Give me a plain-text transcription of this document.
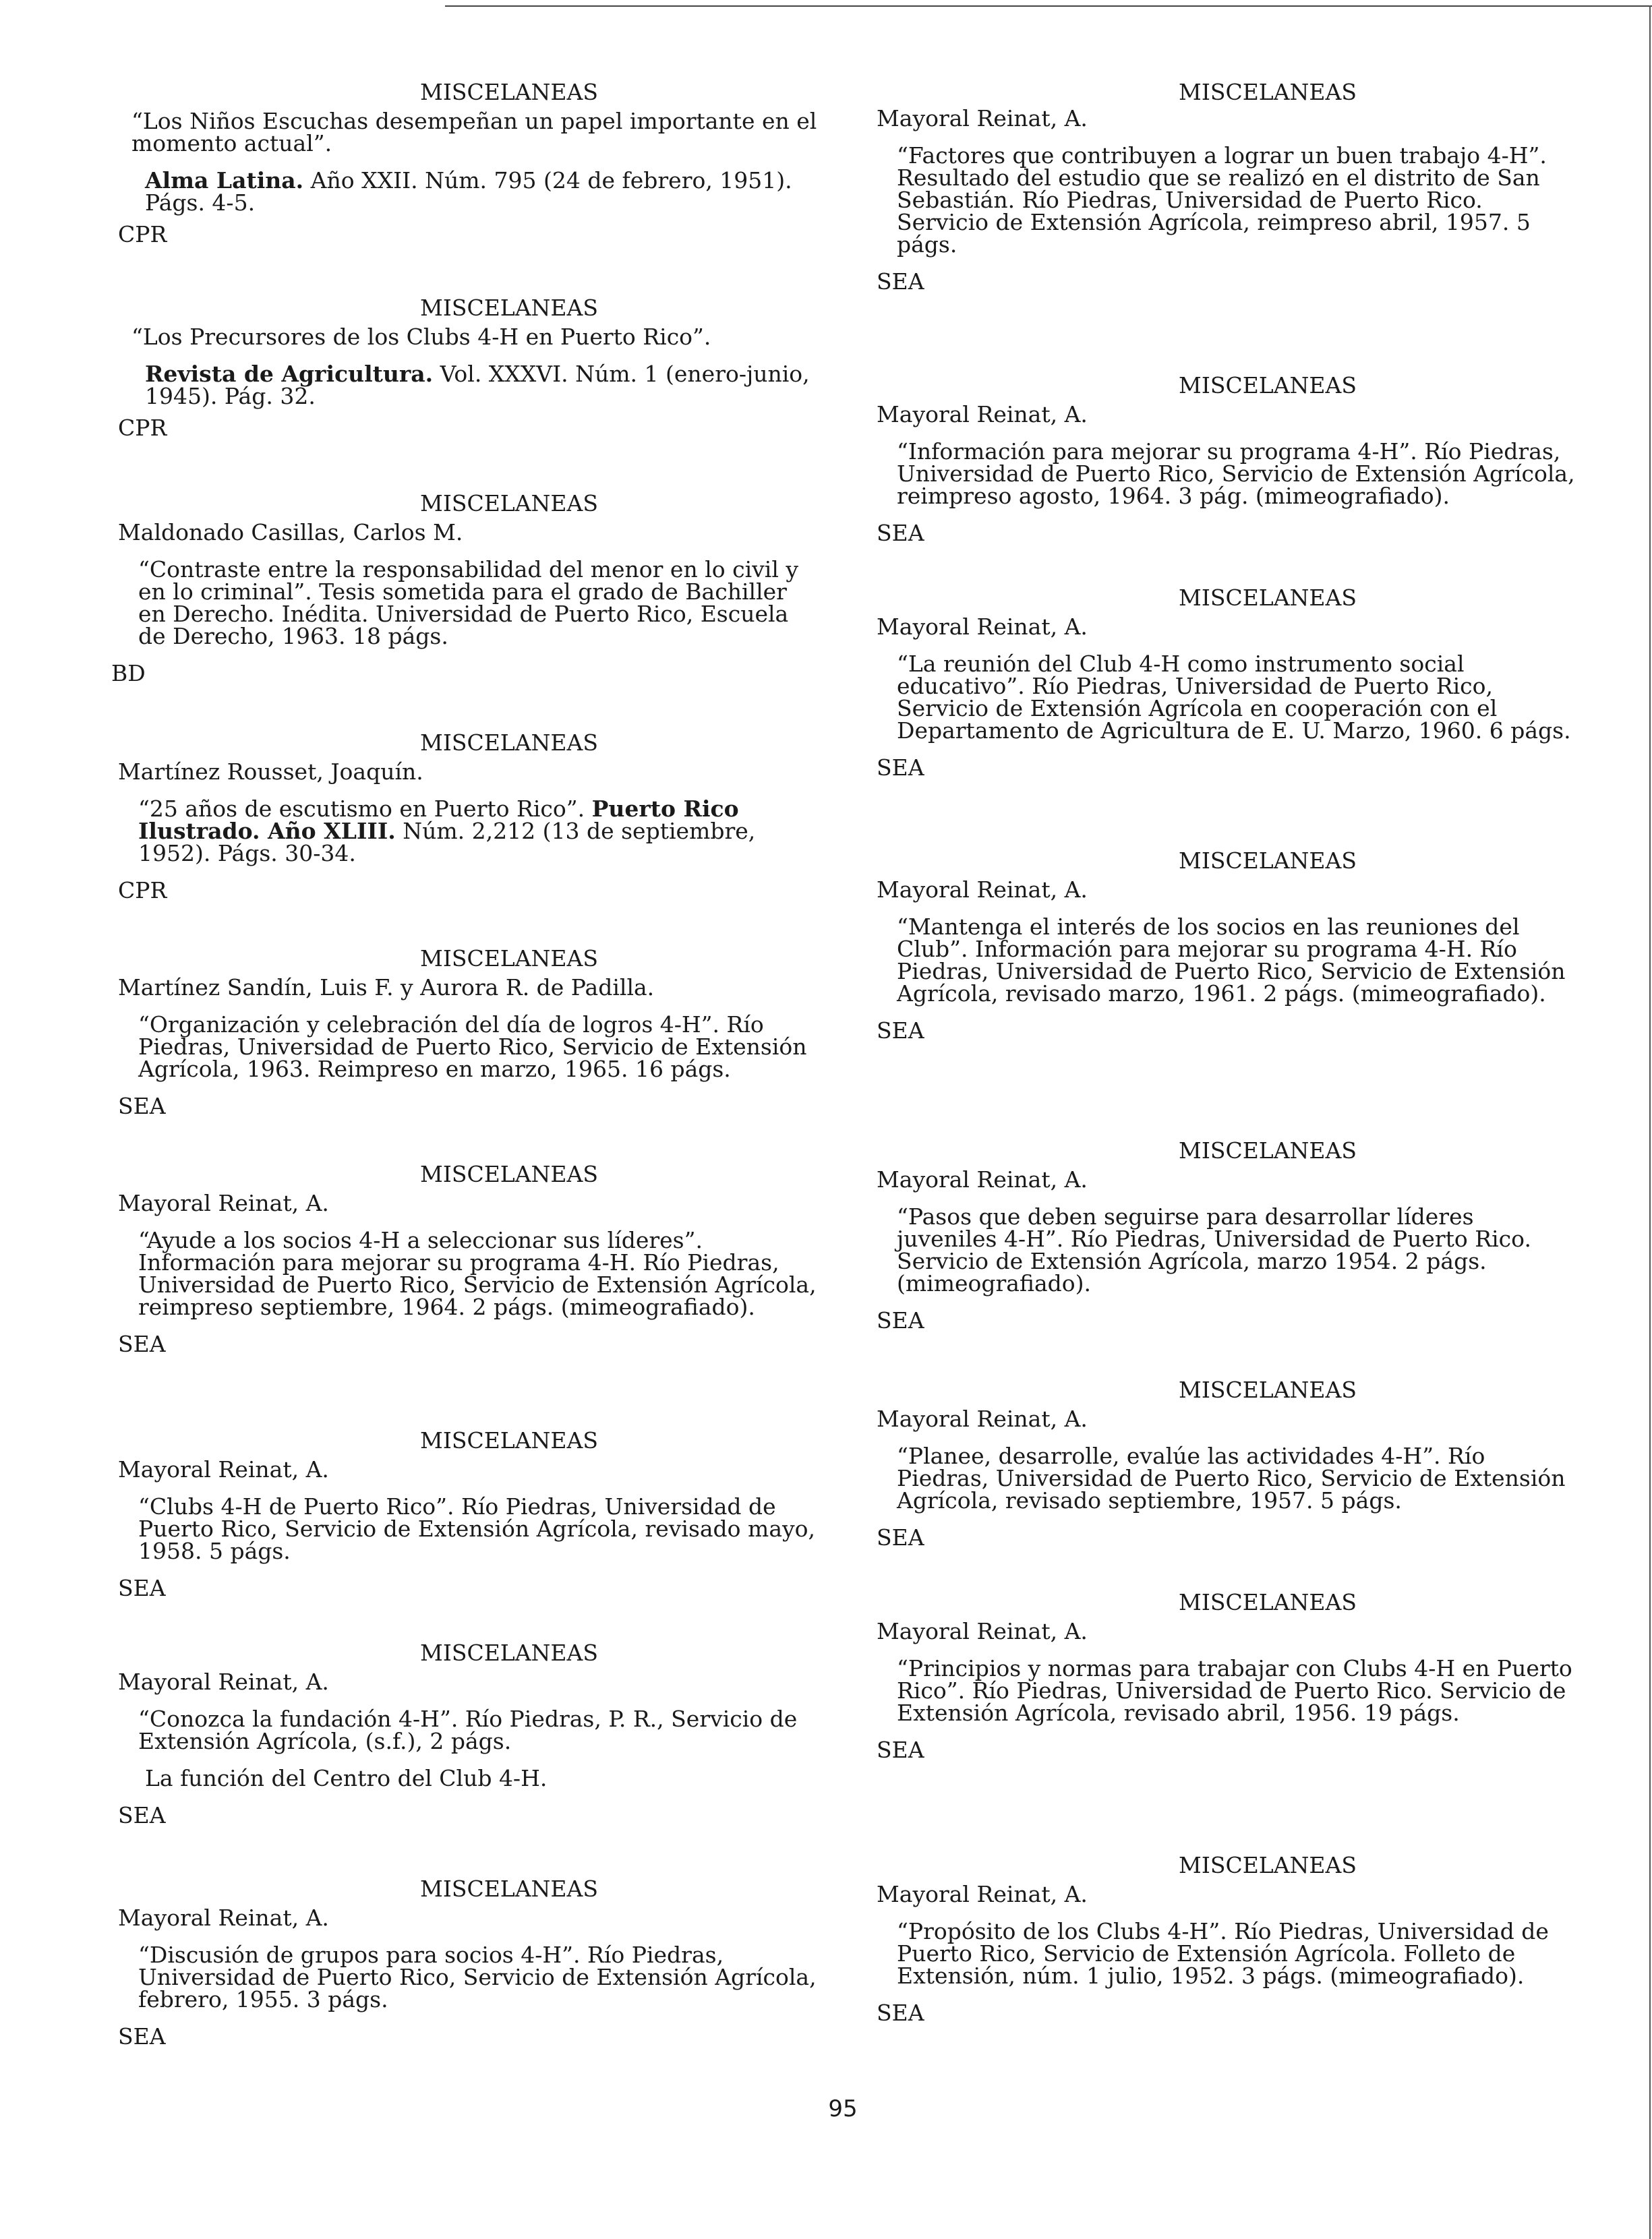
MISCELANEAS
“Los Niños Escuchas desempeñan un papel importante en el momento actual”.
Alma Latina. Año XXII. Núm. 795 (24 de febrero, 1951). Págs. 4-5.
CPR
MISCELANEAS
“Los Precursores de los Clubs 4-H en Puerto Rico”.
Revista de Agricultura. Vol. XXXVI. Núm. 1 (enero-junio, 1945). Pág. 32.
CPR
MISCELANEAS
Maldonado Casillas, Carlos M.
“Contraste entre la responsabilidad del menor en lo civil y en lo criminal”. Tesis sometida para el grado de Bachiller en Derecho. Inédita. Universidad de Puerto Rico, Escuela de Derecho, 1963. 18 págs.
BD
MISCELANEAS
Martínez Rousset, Joaquín.
“25 años de escutismo en Puerto Rico”. Puerto Rico Ilustrado. Año XLIII. Núm. 2,212 (13 de septiembre, 1952). Págs. 30-34.
CPR
MISCELANEAS
Martínez Sandín, Luis F. y Aurora R. de Padilla.
“Organización y celebración del día de logros 4-H”. Río Piedras, Universidad de Puerto Rico, Servicio de Extensión Agrícola, 1963. Reimpreso en marzo, 1965. 16 págs.
SEA
MISCELANEAS
Mayoral Reinat, A.
“Ayude a los socios 4-H a seleccionar sus líderes”. Información para mejorar su programa 4-H. Río Piedras, Universidad de Puerto Rico, Servicio de Extensión Agrícola, reimpreso septiembre, 1964. 2 págs. (mimeografiado).
SEA
MISCELANEAS
Mayoral Reinat, A.
“Clubs 4-H de Puerto Rico”. Río Piedras, Universidad de Puerto Rico, Servicio de Extensión Agrícola, revisado mayo, 1958. 5 págs.
SEA
MISCELANEAS
Mayoral Reinat, A.
“Conozca la fundación 4-H”. Río Piedras, P. R., Servicio de Extensión Agrícola, (s.f.), 2 págs.
La función del Centro del Club 4-H.
SEA
MISCELANEAS
Mayoral Reinat, A.
“Discusión de grupos para socios 4-H”. Río Piedras, Universidad de Puerto Rico, Servicio de Extensión Agrícola, febrero, 1955. 3 págs.
SEA
MISCELANEAS
Mayoral Reinat, A.
“Factores que contribuyen a lograr un buen trabajo 4-H”. Resultado del estudio que se realizó en el distrito de San Sebastián. Río Piedras, Universidad de Puerto Rico. Servicio de Extensión Agrícola, reimpreso abril, 1957. 5 págs.
SEA
MISCELANEAS
Mayoral Reinat, A.
“Información para mejorar su programa 4-H”. Río Piedras, Universidad de Puerto Rico, Servicio de Extensión Agrícola, reimpreso agosto, 1964. 3 pág. (mimeografiado).
SEA
MISCELANEAS
Mayoral Reinat, A.
“La reunión del Club 4-H como instrumento social educativo”. Río Piedras, Universidad de Puerto Rico, Servicio de Extensión Agrícola en cooperación con el Departamento de Agricultura de E. U. Marzo, 1960. 6 págs.
SEA
MISCELANEAS
Mayoral Reinat, A.
“Mantenga el interés de los socios en las reuniones del Club”. Información para mejorar su programa 4-H. Río Piedras, Universidad de Puerto Rico, Servicio de Extensión Agrícola, revisado marzo, 1961. 2 págs. (mimeografiado).
SEA
MISCELANEAS
Mayoral Reinat, A.
“Pasos que deben seguirse para desarrollar líderes juveniles 4-H”. Río Piedras, Universidad de Puerto Rico. Servicio de Extensión Agrícola, marzo 1954. 2 págs. (mimeografiado).
SEA
MISCELANEAS
Mayoral Reinat, A.
“Planee, desarrolle, evalúe las actividades 4-H”. Río Piedras, Universidad de Puerto Rico, Servicio de Extensión Agrícola, revisado septiembre, 1957. 5 págs.
SEA
MISCELANEAS
Mayoral Reinat, A.
“Principios y normas para trabajar con Clubs 4-H en Puerto Rico”. Río Piedras, Universidad de Puerto Rico. Servicio de Extensión Agrícola, revisado abril, 1956. 19 págs.
SEA
MISCELANEAS
Mayoral Reinat, A.
“Propósito de los Clubs 4-H”. Río Piedras, Universidad de Puerto Rico, Servicio de Extensión Agrícola. Folleto de Extensión, núm. 1 julio, 1952. 3 págs. (mimeografiado).
SEA
95
